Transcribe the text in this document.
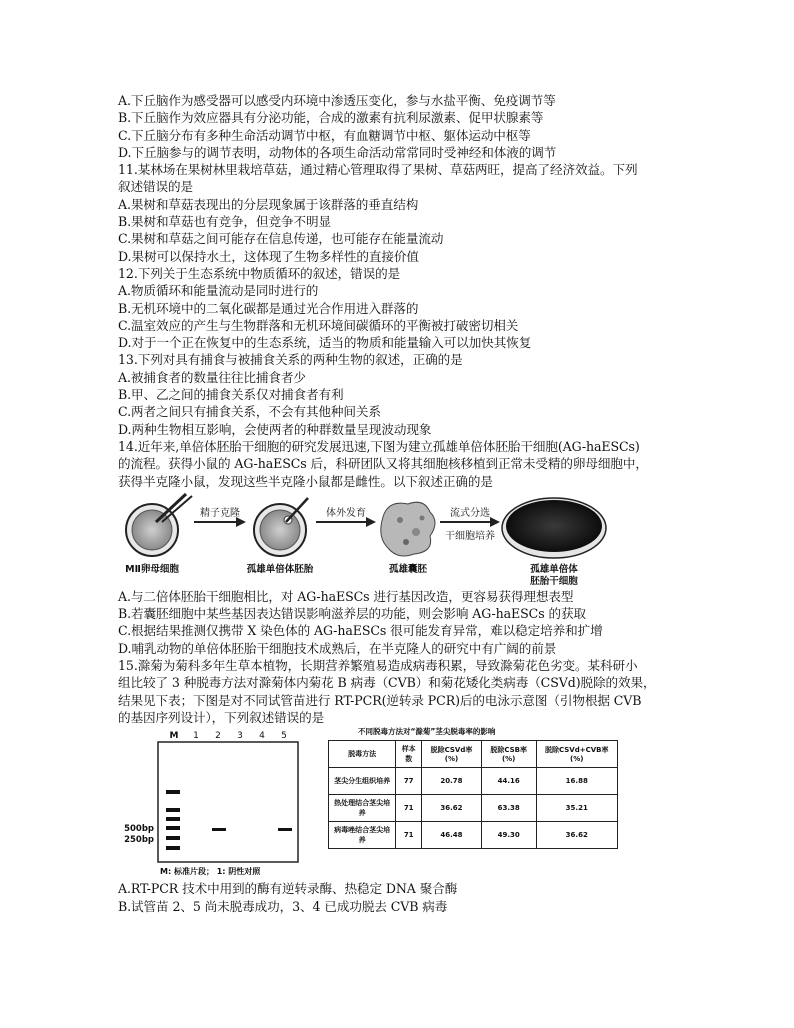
A.下丘脑作为感受器可以感受内环境中渗透压变化，参与水盐平衡、免疫调节等
B.下丘脑作为效应器具有分泌功能，合成的激素有抗利尿激素、促甲状腺素等
C.下丘脑分布有多种生命活动调节中枢，有血糖调节中枢、躯体运动中枢等
D.下丘脑参与的调节表明，动物体的各项生命活动常常同时受神经和体液的调节
11.某林场在果树林里栽培草菇，通过精心管理取得了果树、草菇两旺，提高了经济效益。下列
叙述错误的是
A.果树和草菇表现出的分层现象属于该群落的垂直结构
B.果树和草菇也有竞争，但竞争不明显
C.果树和草菇之间可能存在信息传递，也可能存在能量流动
D.果树可以保持水土，这体现了生物多样性的直接价值
12.下列关于生态系统中物质循环的叙述，错误的是
A.物质循环和能量流动是同时进行的
B.无机环境中的二氧化碳都是通过光合作用进入群落的
C.温室效应的产生与生物群落和无机环境间碳循环的平衡被打破密切相关
D.对于一个正在恢复中的生态系统，适当的物质和能量输入可以加快其恢复
13.下列对具有捕食与被捕食关系的两种生物的叙述，正确的是
A.被捕食者的数量往往比捕食者少
B.甲、乙之间的捕食关系仅对捕食者有利
C.两者之间只有捕食关系，不会有其他种间关系
D.两种生物相互影响，会使两者的种群数量呈现波动现象
14.近年来,单倍体胚胎干细胞的研究发展迅速,下图为建立孤雄单倍体胚胎干细胞(AG-haESCs)
的流程。获得小鼠的 AG-haESCs 后，科研团队又将其细胞核移植到正常未受精的卵母细胞中，
获得半克隆小鼠，发现这些半克隆小鼠都是雌性。以下叙述正确的是
精子克隆	体外发育	流式分选
干细胞培养
MⅡ卵母细胞	孤雄单倍体胚胎	孤雄囊胚	孤雄单倍体
胚胎干细胞
A.与二倍体胚胎干细胞相比，对 AG-haESCs 进行基因改造，更容易获得理想表型
B.若囊胚细胞中某些基因表达错误影响滋养层的功能，则会影响 AG-haESCs 的获取
C.根据结果推测仅携带 X 染色体的 AG-haESCs 很可能发育异常，难以稳定培养和扩增
D.哺乳动物的单倍体胚胎干细胞技术成熟后，在半克隆人的研究中有广阔的前景
15.滁菊为菊科多年生草本植物，长期营养繁殖易造成病毒积累，导致滁菊花色劣变。某科研小
组比较了 3 种脱毒方法对滁菊体内菊花 B 病毒（CVB）和菊花矮化类病毒（CSVd)脱除的效果，
结果见下表；下图是对不同试管苗进行 RT-PCR(逆转录 PCR)后的电泳示意图（引物根据 CVB
的基因序列设计），下列叙述错误的是
M 1 2 3 4 5
500bp
250bp
M: 标准片段； 1: 阴性对照
不同脱毒方法对“滁菊”茎尖脱毒率的影响
脱毒方法	样本数	脱除CSVd率(%)	脱除CSB率(%)	脱除CSVd+CVB率(%)
茎尖分生组织培养	77	20.78	44.16	16.88
热处理结合茎尖培养	71	36.62	63.38	35.21
病毒唑结合茎尖培养	71	46.48	49.30	36.62
A.RT-PCR 技术中用到的酶有逆转录酶、热稳定 DNA 聚合酶
B.试管苗 2、5 尚未脱毒成功，3、4 已成功脱去 CVB 病毒
